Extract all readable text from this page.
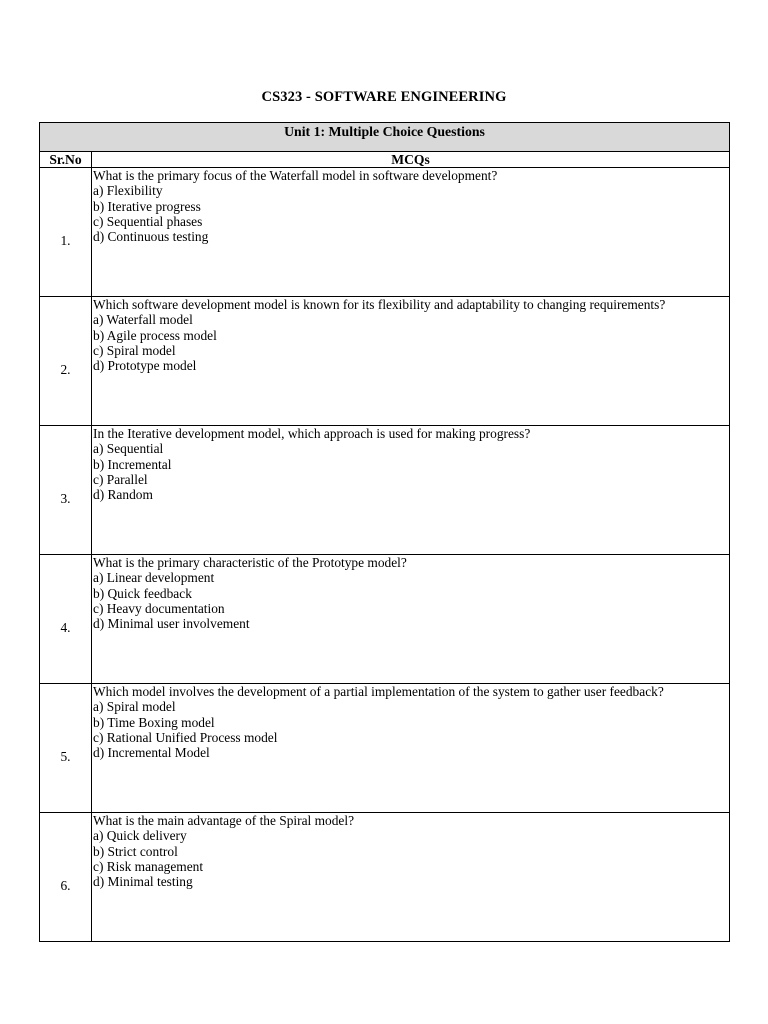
CS323 - SOFTWARE ENGINEERING
Unit 1: Multiple Choice Questions	
Sr.No	MCQs
1.	What is the primary focus of the Waterfall model in software development?
a) Flexibility
b) Iterative progress
c) Sequential phases
d) Continuous testing

2.	Which software development model is known for its flexibility and adaptability to changing requirements?
a) Waterfall model
b) Agile process model
c) Spiral model
d) Prototype model

3.	In the Iterative development model, which approach is used for making progress?
a) Sequential
b) Incremental
c) Parallel
d) Random

4.	What is the primary characteristic of the Prototype model?
a) Linear development
b) Quick feedback
c) Heavy documentation
d) Minimal user involvement

5.	Which model involves the development of a partial implementation of the system to gather user feedback?
a) Spiral model
b) Time Boxing model
c) Rational Unified Process model
d) Incremental Model

6.	What is the main advantage of the Spiral model?
a) Quick delivery
b) Strict control
c) Risk management
d) Minimal testing
